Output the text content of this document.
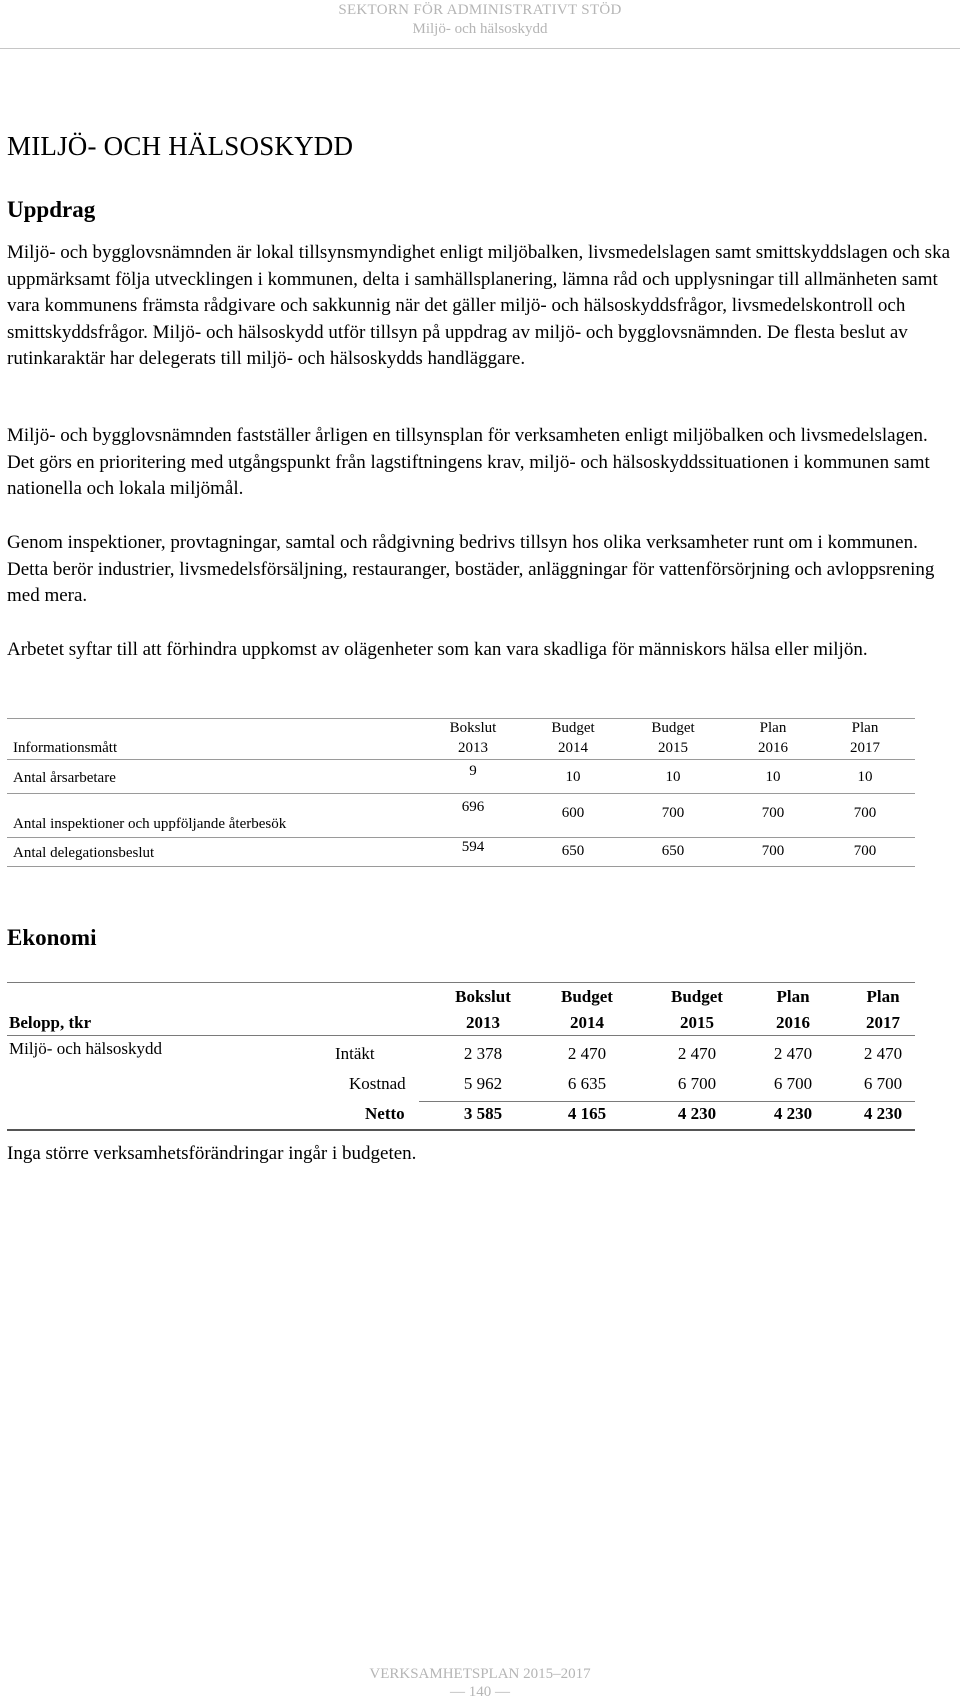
SEKTORN FÖR ADMINISTRATIVT STÖD
Miljö- och hälsoskydd
MILJÖ- OCH HÄLSOSKYDD
Uppdrag

Miljö- och bygglovsnämnden är lokal tillsynsmyndighet enligt miljöbalken, livsmedelslagen samt smittskyddslagen och ska uppmärksamt följa utvecklingen i kommunen, delta i samhällsplanering, lämna råd och upplysningar till allmänheten samt vara kommunens främsta rådgivare och sakkunnig när det gäller miljö- och hälsoskyddsfrågor, livsmedelskontroll och smittskyddsfrågor. Miljö- och hälsoskydd utför tillsyn på uppdrag av miljö- och bygglovsnämnden. De flesta beslut av rutinkaraktär har delegerats till miljö- och hälsoskydds handläggare.

Miljö- och bygglovsnämnden fastställer årligen en tillsynsplan för verksamheten enligt miljöbalken och livsmedelslagen. Det görs en prioritering med utgångspunkt från lagstiftningens krav, miljö- och hälsoskyddssituationen i kommunen samt nationella och lokala miljömål.

Genom inspektioner, provtagningar, samtal och rådgivning bedrivs tillsyn hos olika verksamheter runt om i kommunen. Detta berör industrier, livsmedelsförsäljning, restauranger, bostäder, anläggningar för vattenförsörjning och avloppsrening med mera.

Arbetet syftar till att förhindra uppkomst av olägenheter som kan vara skadliga för människors hälsa eller miljön.

Informationsmått
Bokslut	Budget	Budget	Plan	Plan
2013	2014	2015	2016	2017
Antal årsarbetare	9	10	10	10	10
Antal inspektioner och uppföljande återbesök
696	600	700	700	700
Antal delegationsbeslut	594	650	650	700	700
Ekonomi
Belopp, tkr
Bokslut	Budget	Budget	Plan	Plan
2013	2014	2015	2016	2017
Miljö- och hälsoskydd	Intäkt	2 378	2 470	2 470	2 470	2 470
Kostnad	5 962	6 635	6 700	6 700	6 700
Netto	3 585	4 165	4 230	4 230	4 230

Inga större verksamhetsförändringar ingår i budgeten.

VERKSAMHETSPLAN 2015–2017
— 140 —
